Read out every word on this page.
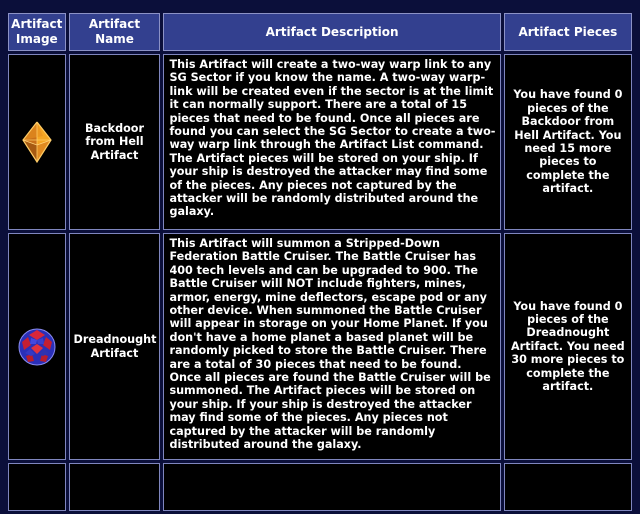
Artifact Image	Artifact Name	Artifact Description	Artifact Pieces

	Backdoor from Hell Artifact	This Artifact will create a two-way warp link to any SG Sector if you know the name. A two-way warp-link will be created even if the sector is at the limit it can normally support. There are a total of 15 pieces that need to be found. Once all pieces are found you can select the SG Sector to create a two-way warp link through the Artifact List command. The Artifact pieces will be stored on your ship. If your ship is destroyed the attacker may find some of the pieces. Any pieces not captured by the attacker will be randomly distributed around the galaxy.	You have found 0 pieces of the Backdoor from Hell Artifact. You need 15 more pieces to complete the artifact.

	Dreadnought Artifact	This Artifact will summon a Stripped-Down Federation Battle Cruiser. The Battle Cruiser has 400 tech levels and can be upgraded to 900. The Battle Cruiser will NOT include fighters, mines, armor, energy, mine deflectors, escape pod or any other device. When summoned the Battle Cruiser will appear in storage on your Home Planet. If you don't have a home planet a based planet will be randomly picked to store the Battle Cruiser. There are a total of 30 pieces that need to be found. Once all pieces are found the Battle Cruiser will be summoned. The Artifact pieces will be stored on your ship. If your ship is destroyed the attacker may find some of the pieces. Any pieces not captured by the attacker will be randomly distributed around the galaxy.	You have found 0 pieces of the Dreadnought Artifact. You need 30 more pieces to complete the artifact.
